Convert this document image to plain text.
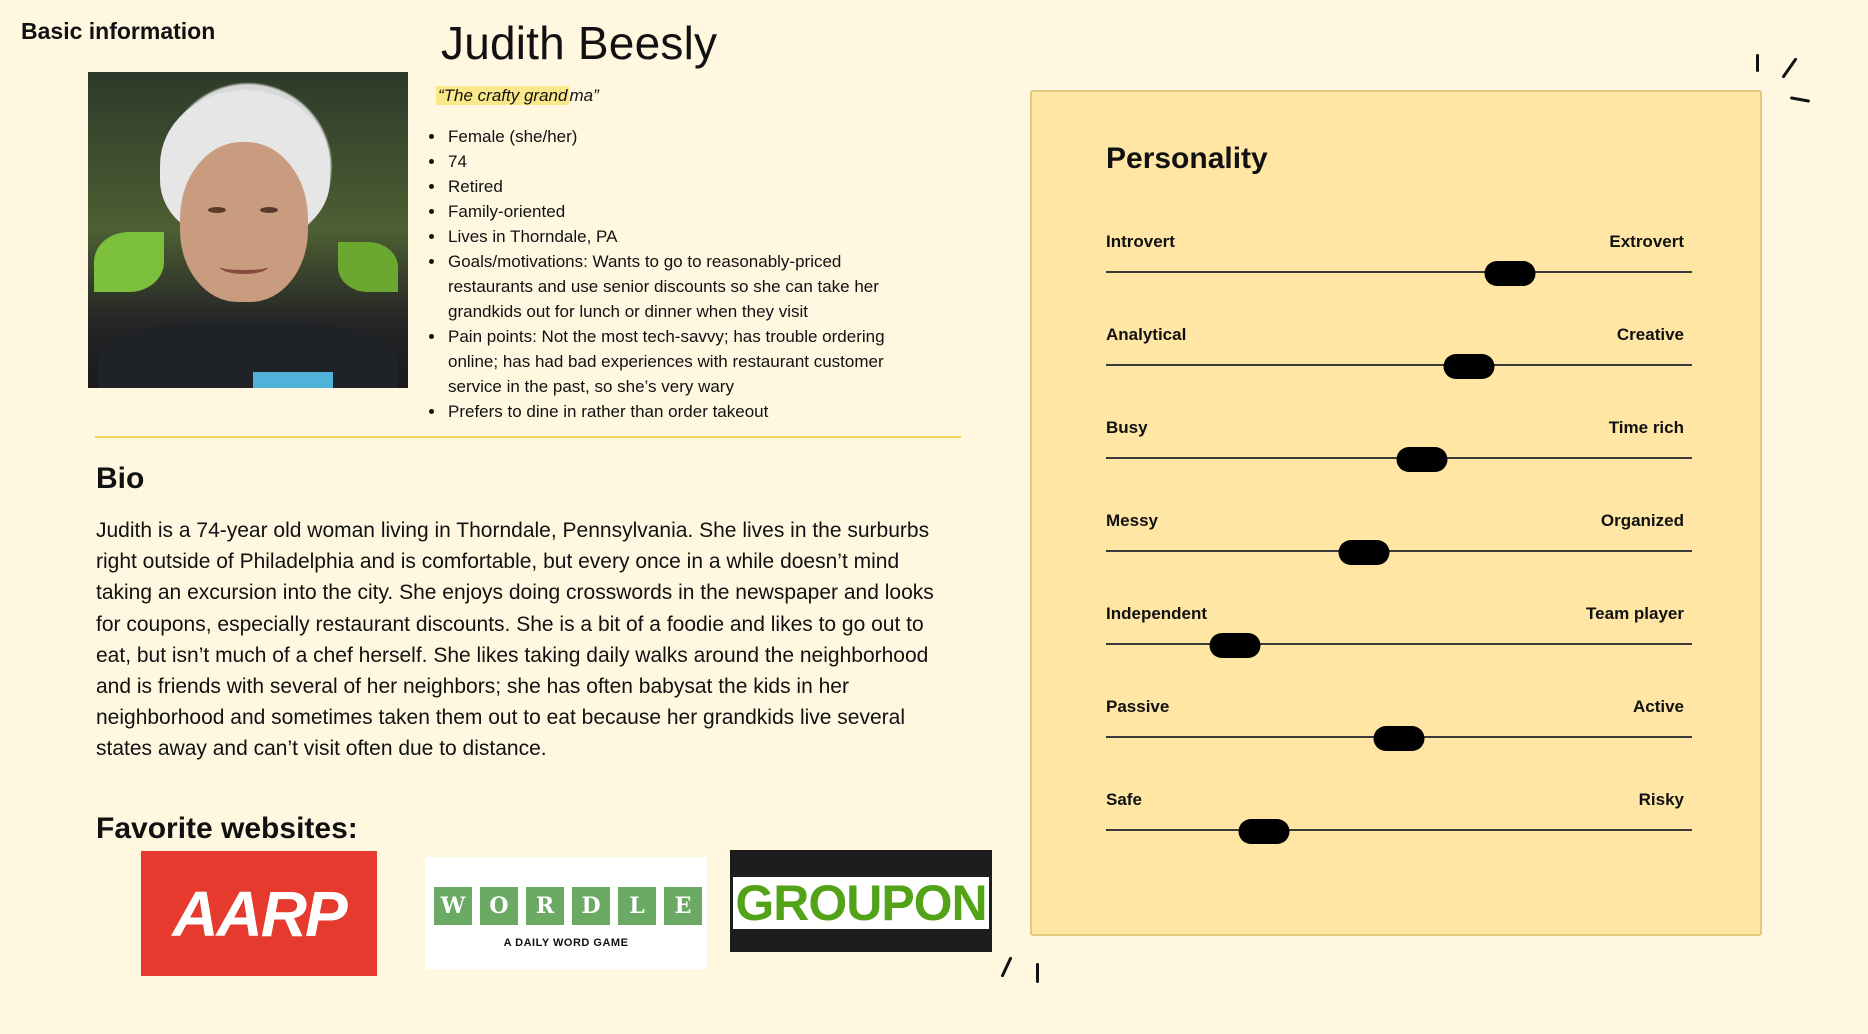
Basic information	Judith Beesly
“The crafty grand ma”
• Female (she/her)
• 74
• Retired
• Family-oriented
• Lives in Thorndale, PA
• Goals/motivations: Wants to go to reasonably-priced restaurants and use senior discounts so she can take her grandkids out for lunch or dinner when they visit
• Pain points: Not the most tech-savvy; has trouble ordering online; has had bad experiences with restaurant customer service in the past, so she’s very wary
• Prefers to dine in rather than order takeout
Bio
Judith is a 74-year old woman living in Thorndale, Pennsylvania. She lives in the surburbs right outside of Philadelphia and is comfortable, but every once in a while doesn’t mind taking an excursion into the city. She enjoys doing crosswords in the newspaper and looks for coupons, especially restaurant discounts. She is a bit of a foodie and likes to go out to eat, but isn’t much of a chef herself. She likes taking daily walks around the neighborhood and is friends with several of her neighbors; she has often babysat the kids in her neighborhood and sometimes taken them out to eat because her grandkids live several states away and can’t visit often due to distance.
Favorite websites:
AARP	W	O	R	D	L	E
A DAILY WORD GAME
GROUPON
Personality
Introvert	Extrovert
Analytical	Creative
Busy	Time rich
Messy	Organized
Independent	Team player
Passive	Active
Safe	Risky
